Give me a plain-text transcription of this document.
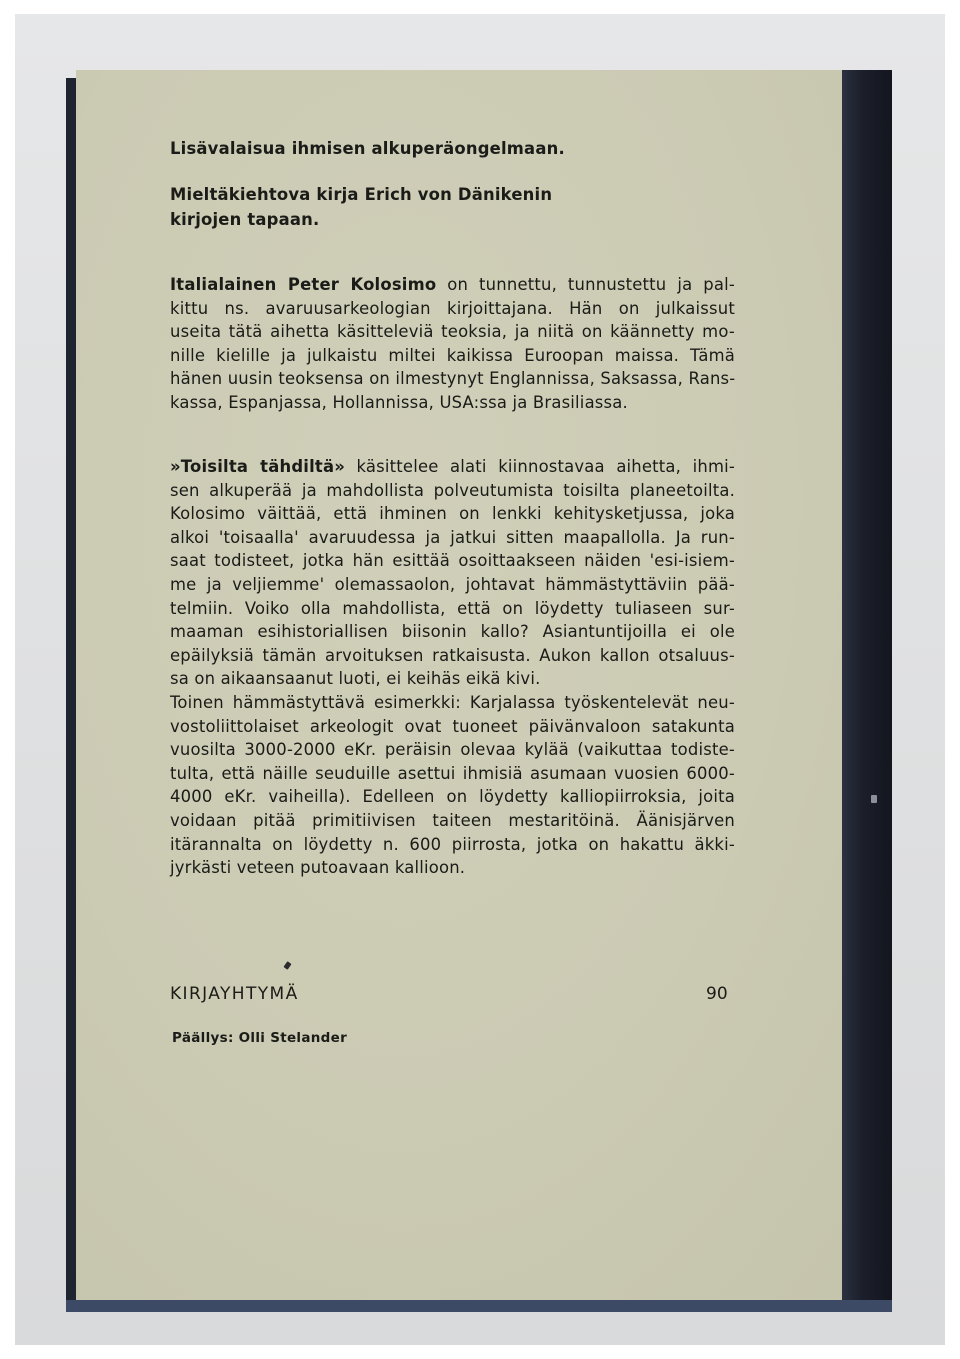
Lisävalaisua ihmisen alkuperäongelmaan.
Mieltäkiehtova kirja Erich von Dänikenin
kirjojen tapaan.
Italialainen Peter Kolosimo on tunnettu, tunnustettu ja pal-
kittu ns. avaruusarkeologian kirjoittajana. Hän on julkaissut
useita tätä aihetta käsitteleviä teoksia, ja niitä on käännetty mo-
nille kielille ja julkaistu miltei kaikissa Euroopan maissa. Tämä
hänen uusin teoksensa on ilmestynyt Englannissa, Saksassa, Rans-
kassa, Espanjassa, Hollannissa, USA:ssa ja Brasiliassa.
»Toisilta tähdiltä» käsittelee alati kiinnostavaa aihetta, ihmi-
sen alkuperää ja mahdollista polveutumista toisilta planeetoilta.
Kolosimo väittää, että ihminen on lenkki kehitysketjussa, joka
alkoi 'toisaalla' avaruudessa ja jatkui sitten maapallolla. Ja run-
saat todisteet, jotka hän esittää osoittaakseen näiden 'esi-isiem-
me ja veljiemme' olemassaolon, johtavat hämmästyttäviin pää-
telmiin. Voiko olla mahdollista, että on löydetty tuliaseen sur-
maaman esihistoriallisen biisonin kallo? Asiantuntijoilla ei ole
epäilyksiä tämän arvoituksen ratkaisusta. Aukon kallon otsaluus-
sa on aikaansaanut luoti, ei keihäs eikä kivi.
Toinen hämmästyttävä esimerkki: Karjalassa työskentelevät neu-
vostoliittolaiset arkeologit ovat tuoneet päivänvaloon satakunta
vuosilta 3000-2000 eKr. peräisin olevaa kylää (vaikuttaa todiste-
tulta, että näille seuduille asettui ihmisiä asumaan vuosien 6000-
4000 eKr. vaiheilla). Edelleen on löydetty kalliopiirroksia, joita
voidaan pitää primitiivisen taiteen mestaritöinä. Äänisjärven
itärannalta on löydetty n. 600 piirrosta, jotka on hakattu äkki-
jyrkästi veteen putoavaan kallioon.
KIRJAYHTYMÄ	90
Päällys: Olli Stelander
